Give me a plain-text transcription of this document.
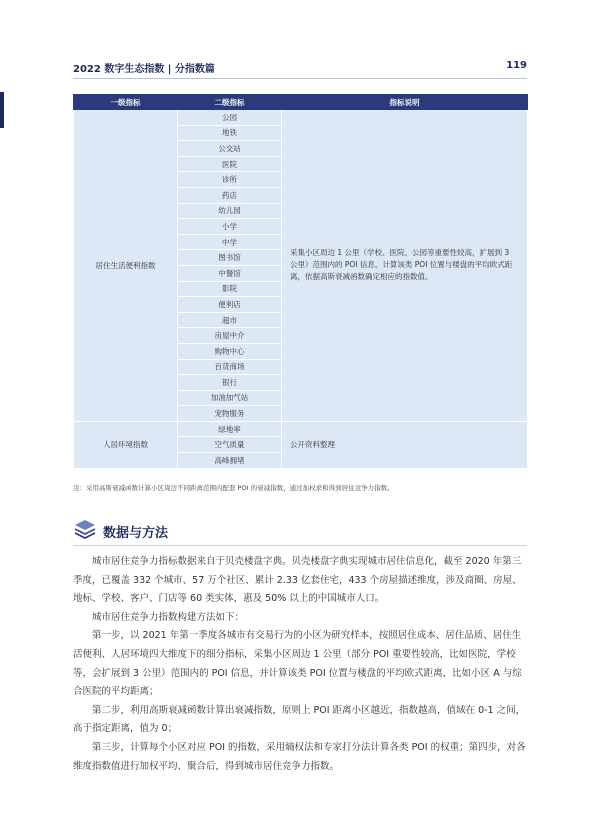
2022 数字生态指数 | 分指数篇	119
一级指标	二级指标	指标说明
居住生活便利指数	公园	采集小区周边 1 公里（学校、医院、公园等重要性较高，扩展到 3 公里）范围内的 POI 信息，计算该类 POI 位置与楼盘的平均欧式距离，依据高斯衰减函数确定相应的指数值。
	地铁	
	公交站	
	医院	
	诊所	
	药店	
	幼儿园	
	小学	
	中学	
	图书馆	
	中餐馆	
	影院	
	便利店	
	超市	
	房屋中介	
	购物中心	
	百货商场	
	银行	
	加油加气站	
	宠物服务	
人居环境指数	绿地率	公开资料整理
	空气质量	
	高峰拥堵	
注：采用高斯衰减函数计算小区周边不同距离范围内配套 POI 的衰减指数，通过加权求和得到居住竞争力指数。
数据与方法

城市居住竞争力指标数据来自于贝壳楼盘字典。贝壳楼盘字典实现城市居住信息化，截至 2020 年第三季度，已覆盖 332 个城市、57 万个社区、累计 2.33 亿套住宅，433 个房屋描述维度，涉及商圈、房屋、地标、学校、客户、门店等 60 类实体，惠及 50% 以上的中国城市人口。

城市居住竞争力指数构建方法如下：

第一步，以 2021 年第一季度各城市有交易行为的小区为研究样本，按照居住成本、居住品质、居住生活便利、人居环境四大维度下的细分指标，采集小区周边 1 公里（部分 POI 重要性较高，比如医院，学校等，会扩展到 3 公里）范围内的 POI 信息，并计算该类 POI 位置与楼盘的平均欧式距离，比如小区 A 与综合医院的平均距离；

第二步，利用高斯衰减函数计算出衰减指数，原则上 POI 距离小区越近，指数越高，值域在 0-1 之间，高于指定距离，值为 0；

第三步，计算每个小区对应 POI 的指数，采用熵权法和专家打分法计算各类 POI 的权重；第四步，对各维度指数值进行加权平均、聚合后，得到城市居住竞争力指数。
